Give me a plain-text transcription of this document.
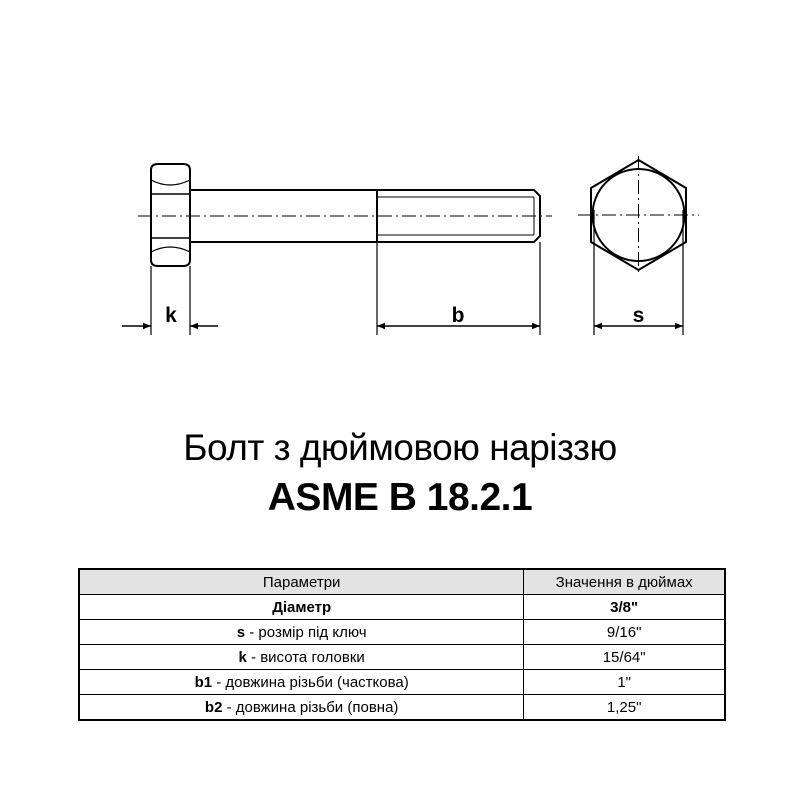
k	b	s
Болт з дюймовою наріззю
ASME B 18.2.1
Параметри	Значення в дюймах
Діаметр	3/8"
s - розмір під ключ	9/16"
k - висота головки	15/64"
b1 - довжина різьби (часткова)	1"
b2 - довжина різьби (повна)	1,25"
